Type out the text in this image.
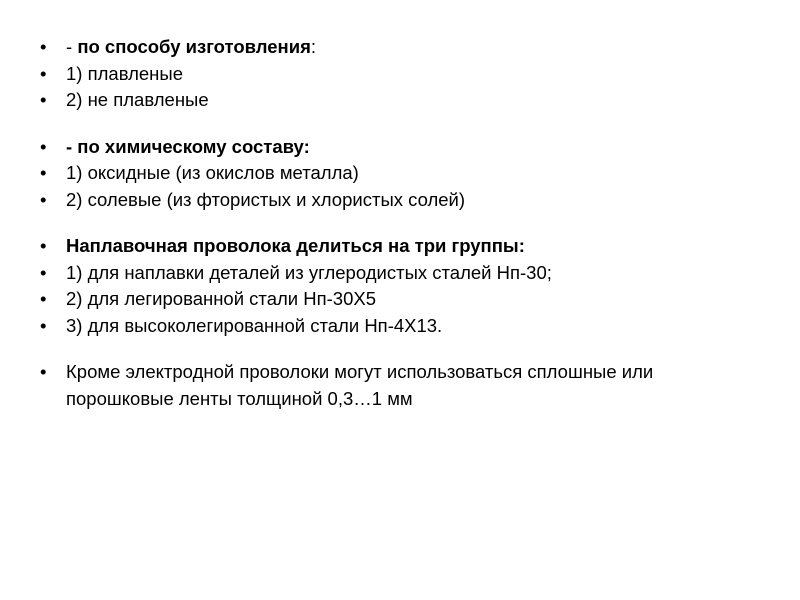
•	- по способу изготовления:
•	1) плавленые
•	2) не плавленые
•	- по химическому составу:
•	1) оксидные (из окислов металла)
•	2) солевые (из фтористых и хлористых солей)
•	Наплавочная проволока делиться на три группы:
•	1) для наплавки деталей из углеродистых сталей Нп-30;
•	2) для легированной стали Нп-30Х5
•	3) для высоколегированной стали Нп-4Х13.
•	Кроме электродной проволоки могут использоваться сплошные или порошковые ленты толщиной 0,3…1 мм
